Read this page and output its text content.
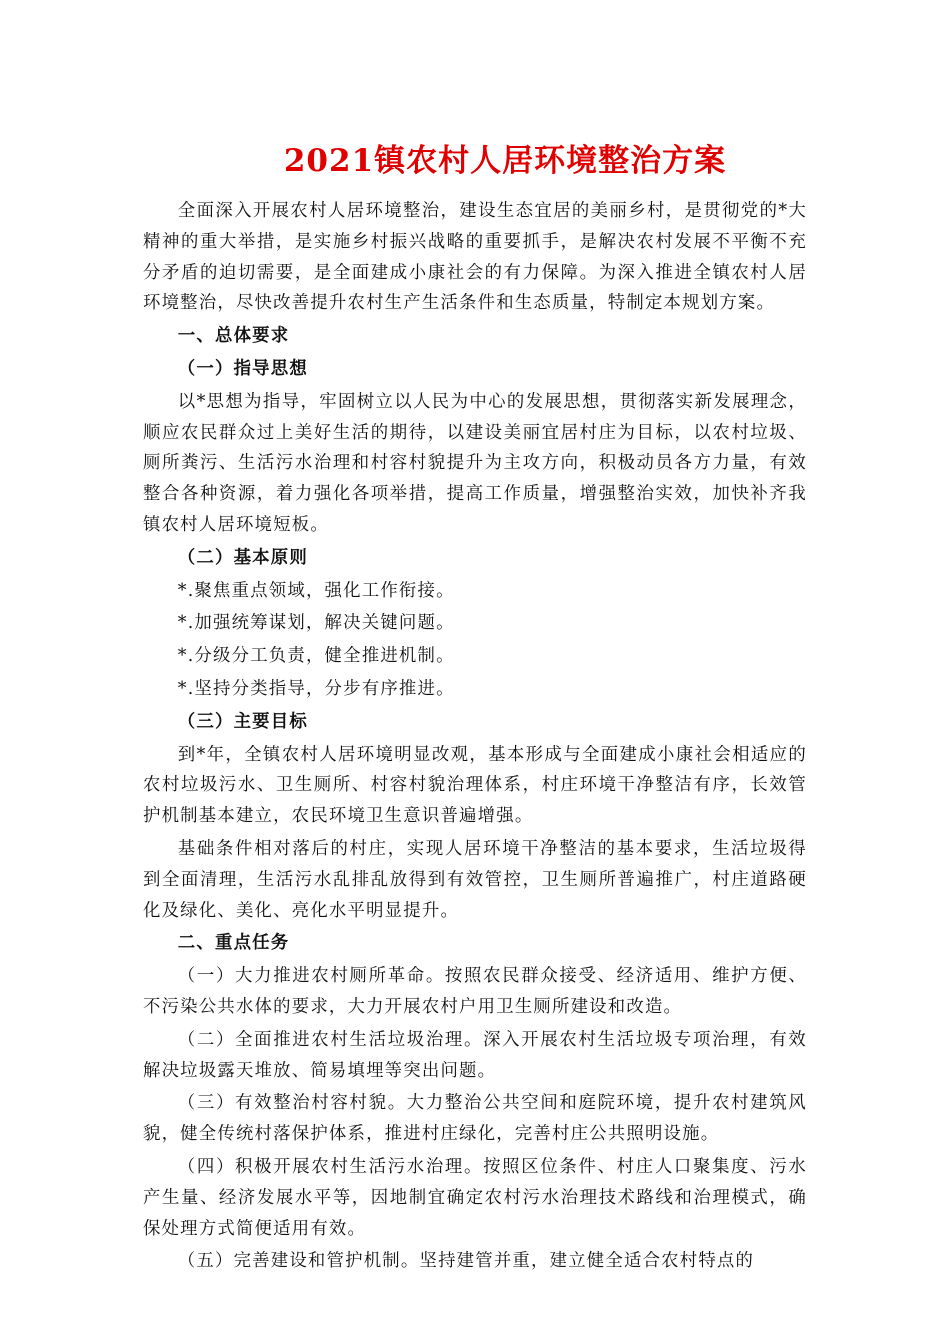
2021镇农村人居环境整治方案

全面深入开展农村人居环境整治，建设生态宜居的美丽乡村，是贯彻党的*大精神的重大举措，是实施乡村振兴战略的重要抓手，是解决农村发展不平衡不充分矛盾的迫切需要，是全面建成小康社会的有力保障。为深入推进全镇农村人居环境整治，尽快改善提升农村生产生活条件和生态质量，特制定本规划方案。

一、总体要求

（一）指导思想

以*思想为指导，牢固树立以人民为中心的发展思想，贯彻落实新发展理念，顺应农民群众过上美好生活的期待，以建设美丽宜居村庄为目标，以农村垃圾、厕所粪污、生活污水治理和村容村貌提升为主攻方向，积极动员各方力量，有效整合各种资源，着力强化各项举措，提高工作质量，增强整治实效，加快补齐我镇农村人居环境短板。

（二）基本原则

*.聚焦重点领域，强化工作衔接。

*.加强统筹谋划，解决关键问题。

*.分级分工负责，健全推进机制。

*.坚持分类指导，分步有序推进。

（三）主要目标

到*年，全镇农村人居环境明显改观，基本形成与全面建成小康社会相适应的农村垃圾污水、卫生厕所、村容村貌治理体系，村庄环境干净整洁有序，长效管护机制基本建立，农民环境卫生意识普遍增强。

基础条件相对落后的村庄，实现人居环境干净整洁的基本要求，生活垃圾得到全面清理，生活污水乱排乱放得到有效管控，卫生厕所普遍推广，村庄道路硬化及绿化、美化、亮化水平明显提升。

二、重点任务

（一）大力推进农村厕所革命。按照农民群众接受、经济适用、维护方便、不污染公共水体的要求，大力开展农村户用卫生厕所建设和改造。

（二）全面推进农村生活垃圾治理。深入开展农村生活垃圾专项治理，有效解决垃圾露天堆放、简易填埋等突出问题。

（三）有效整治村容村貌。大力整治公共空间和庭院环境，提升农村建筑风貌，健全传统村落保护体系，推进村庄绿化，完善村庄公共照明设施。

（四）积极开展农村生活污水治理。按照区位条件、村庄人口聚集度、污水产生量、经济发展水平等，因地制宜确定农村污水治理技术路线和治理模式，确保处理方式简便适用有效。

（五）完善建设和管护机制。坚持建管并重，建立健全适合农村特点的
